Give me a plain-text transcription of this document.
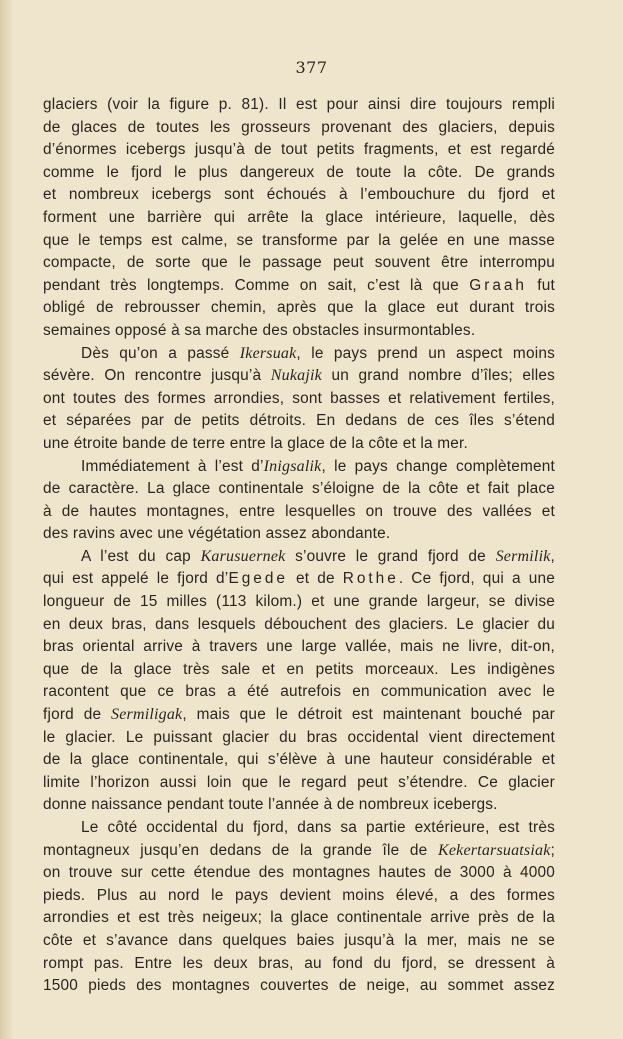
377
glaciers (voir la figure p. 81). Il est pour ainsi dire toujours rempli
de glaces de toutes les grosseurs provenant des glaciers, depuis
d’énormes icebergs jusqu’à de tout petits fragments, et est regardé
comme le fjord le plus dangereux de toute la côte. De grands
et nombreux icebergs sont échoués à l’embouchure du fjord et
forment une barrière qui arrête la glace intérieure, laquelle, dès
que le temps est calme, se transforme par la gelée en une masse
compacte, de sorte que le passage peut souvent être interrompu
pendant très longtemps. Comme on sait, c’est là que Graah fut
obligé de rebrousser chemin, après que la glace eut durant trois
semaines opposé à sa marche des obstacles insurmontables.
Dès qu’on a passé Ikersuak, le pays prend un aspect moins
sévère. On rencontre jusqu’à Nukajik un grand nombre d’îles; elles
ont toutes des formes arrondies, sont basses et relativement fertiles,
et séparées par de petits détroits. En dedans de ces îles s’étend
une étroite bande de terre entre la glace de la côte et la mer.
Immédiatement à l’est d’Inigsalik, le pays change complètement
de caractère. La glace continentale s’éloigne de la côte et fait place
à de hautes montagnes, entre lesquelles on trouve des vallées et
des ravins avec une végétation assez abondante.
A l’est du cap Karusuernek s’ouvre le grand fjord de Sermilik,
qui est appelé le fjord d’Egede et de Rothe. Ce fjord, qui a une
longueur de 15 milles (113 kilom.) et une grande largeur, se divise
en deux bras, dans lesquels débouchent des glaciers. Le glacier du
bras oriental arrive à travers une large vallée, mais ne livre, dit-on,
que de la glace très sale et en petits morceaux. Les indigènes
racontent que ce bras a été autrefois en communication avec le
fjord de Sermiligak, mais que le détroit est maintenant bouché par
le glacier. Le puissant glacier du bras occidental vient directement
de la glace continentale, qui s’élève à une hauteur considérable et
limite l’horizon aussi loin que le regard peut s’étendre. Ce glacier
donne naissance pendant toute l’année à de nombreux icebergs.
Le côté occidental du fjord, dans sa partie extérieure, est très
montagneux jusqu’en dedans de la grande île de Kekertarsuatsiak;
on trouve sur cette étendue des montagnes hautes de 3000 à 4000
pieds. Plus au nord le pays devient moins élevé, a des formes
arrondies et est très neigeux; la glace continentale arrive près de la
côte et s’avance dans quelques baies jusqu’à la mer, mais ne se
rompt pas. Entre les deux bras, au fond du fjord, se dressent à
1500 pieds des montagnes couvertes de neige, au sommet assez
